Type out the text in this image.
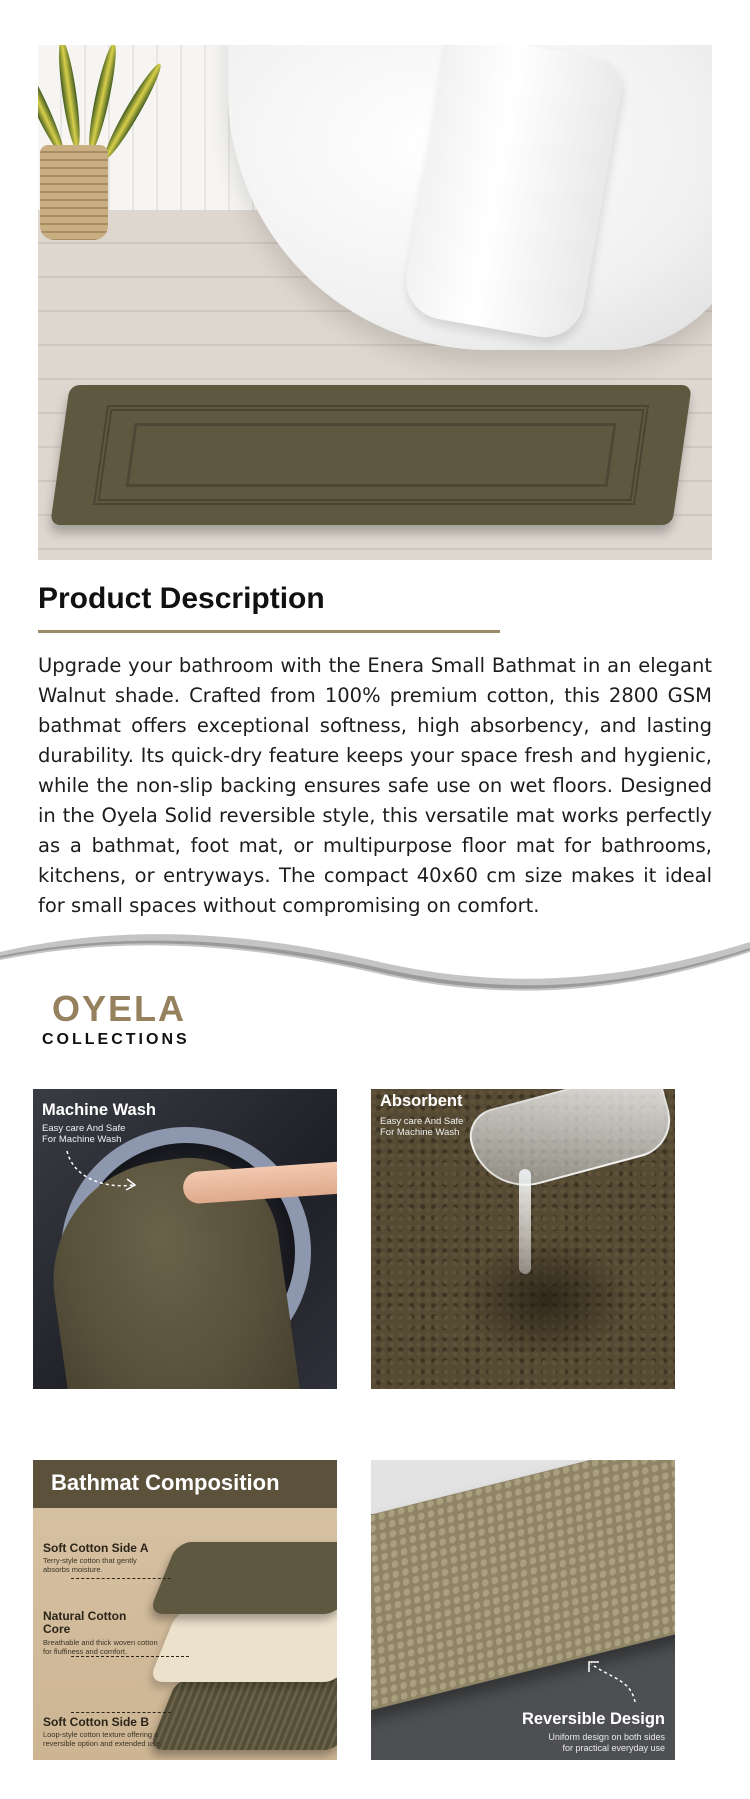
Product Description

Upgrade your bathroom with the Enera Small Bathmat in an elegant Walnut shade. Crafted from 100% premium cotton, this 2800 GSM bathmat offers exceptional softness, high absorbency, and lasting durability. Its quick-dry feature keeps your space fresh and hygienic, while the non-slip backing ensures safe use on wet floors. Designed in the Oyela Solid reversible style, this versatile mat works perfectly as a bathmat, foot mat, or multipurpose floor mat for bathrooms, kitchens, or entryways. The compact 40x60 cm size makes it ideal for small spaces without compromising on comfort.

OYELA
COLLECTIONS
Machine Wash
Easy care And Safe
For Machine Wash
Absorbent
Easy care And Safe
For Machine Wash
Bathmat Composition
Soft Cotton Side A
Terry-style cotton that gently absorbs moisture.
Natural Cotton
Core
Breathable and thick woven cotton for fluffiness and comfort.
Soft Cotton Side B
Loop-style cotton texture offering a reversible option and extended use.
Reversible Design
Uniform design on both sides
for practical everyday use
